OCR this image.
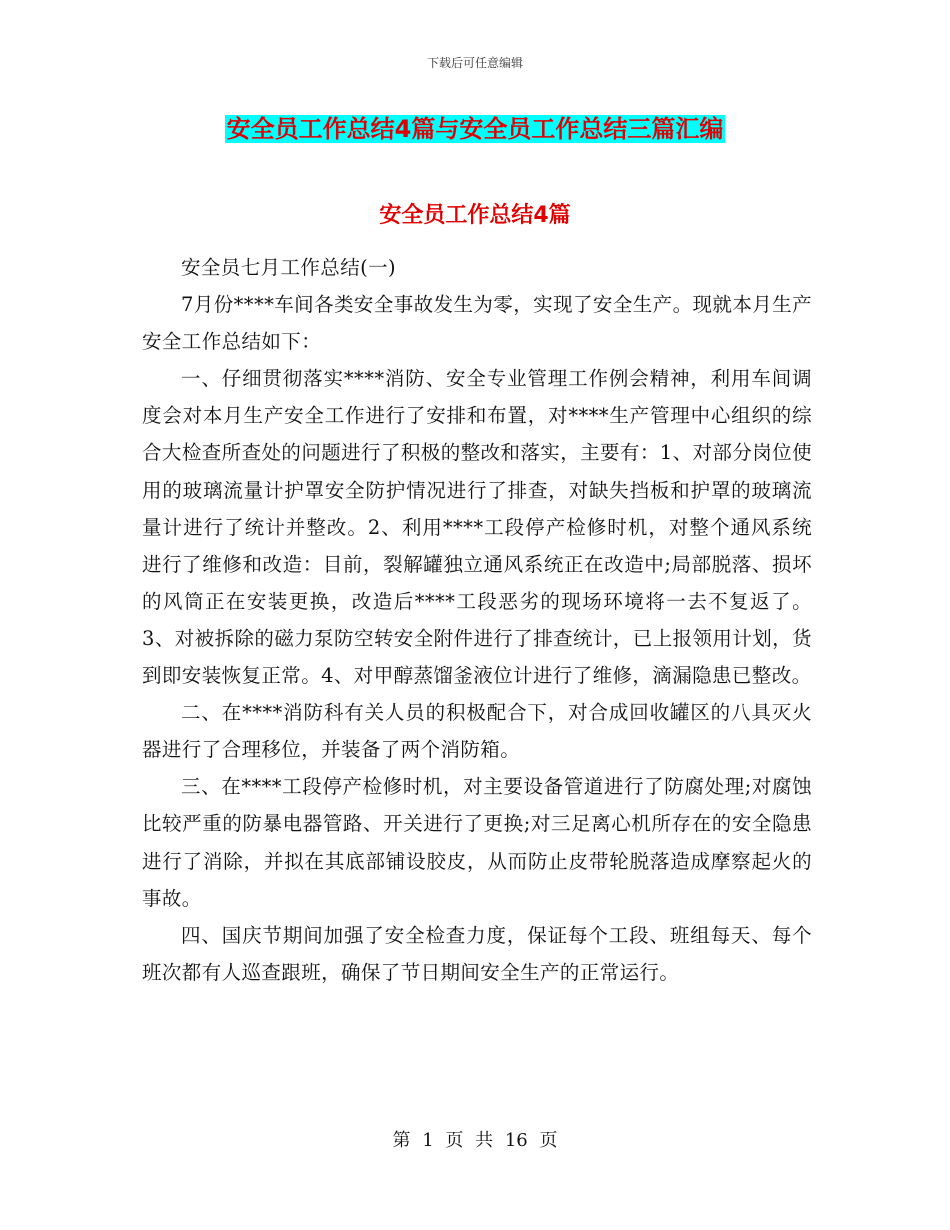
下载后可任意编辑
安全员工作总结4篇与安全员工作总结三篇汇编
安全员工作总结4篇

安全员七月工作总结(一)

7月份****车间各类安全事故发生为零，实现了安全生产。现就本月生产安全工作总结如下：

一、仔细贯彻落实****消防、安全专业管理工作例会精神，利用车间调度会对本月生产安全工作进行了安排和布置，对****生产管理中心组织的综合大检查所查处的问题进行了积极的整改和落实，主要有：1、对部分岗位使用的玻璃流量计护罩安全防护情况进行了排查，对缺失挡板和护罩的玻璃流量计进行了统计并整改。2、利用****工段停产检修时机，对整个通风系统进行了维修和改造：目前，裂解罐独立通风系统正在改造中;局部脱落、损坏的风筒正在安装更换，改造后****工段恶劣的现场环境将一去不复返了。3、对被拆除的磁力泵防空转安全附件进行了排查统计，已上报领用计划，货到即安装恢复正常。4、对甲醇蒸馏釜液位计进行了维修，滴漏隐患已整改。

二、在****消防科有关人员的积极配合下，对合成回收罐区的八具灭火器进行了合理移位，并装备了两个消防箱。

三、在****工段停产检修时机，对主要设备管道进行了防腐处理;对腐蚀比较严重的防暴电器管路、开关进行了更换;对三足离心机所存在的安全隐患进行了消除，并拟在其底部铺设胶皮，从而防止皮带轮脱落造成摩察起火的事故。

四、国庆节期间加强了安全检查力度，保证每个工段、班组每天、每个班次都有人巡查跟班，确保了节日期间安全生产的正常运行。

第 1 页 共 16 页
